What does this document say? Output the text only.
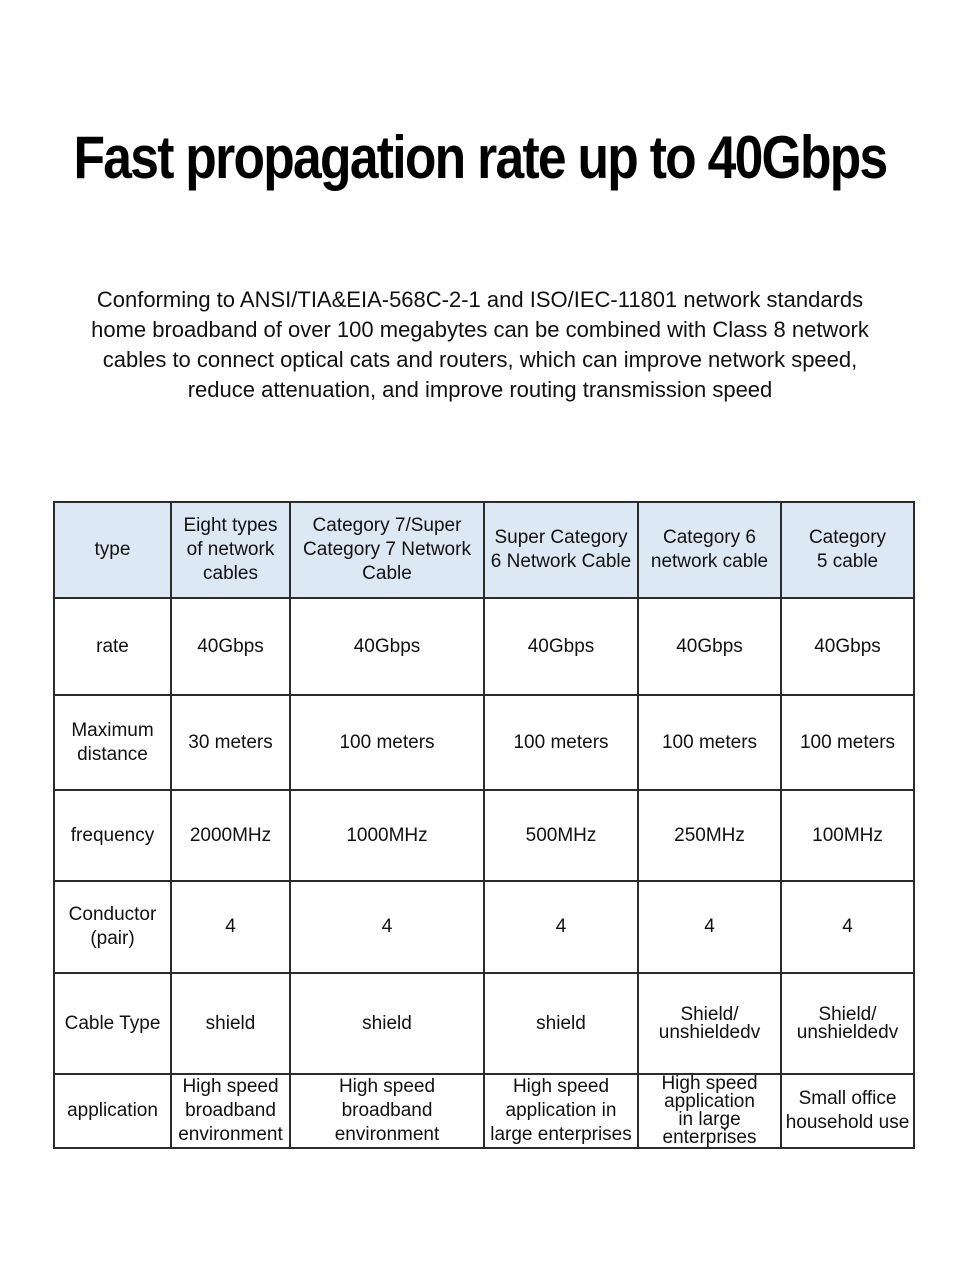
Fast propagation rate up to 40Gbps
Conforming to ANSI/TIA&EIA-568C-2-1 and ISO/IEC-11801 network standards
home broadband of over 100 megabytes can be combined with Class 8 network
cables to connect optical cats and routers, which can improve network speed,
reduce attenuation, and improve routing transmission speed
type	Eight types
of network
cables	Category 7/Super
Category 7 Network
Cable	Super Category
6 Network Cable	Category 6
network cable	Category
5 cable

rate	40Gbps	40Gbps	40Gbps	40Gbps	40Gbps

Maximum
distance	30 meters	100 meters	100 meters	100 meters	100 meters

frequency	2000MHz	1000MHz	500MHz	250MHz	100MHz

Conductor
(pair)	4	4	4	4	4

Cable Type	shield	shield	shield	Shield/
unshieldedv	Shield/
unshieldedv

application	High speed
broadband
environment	High speed
broadband
environment	High speed
application in
large enterprises	High speed
application
in large
enterprises	Small office
household use
